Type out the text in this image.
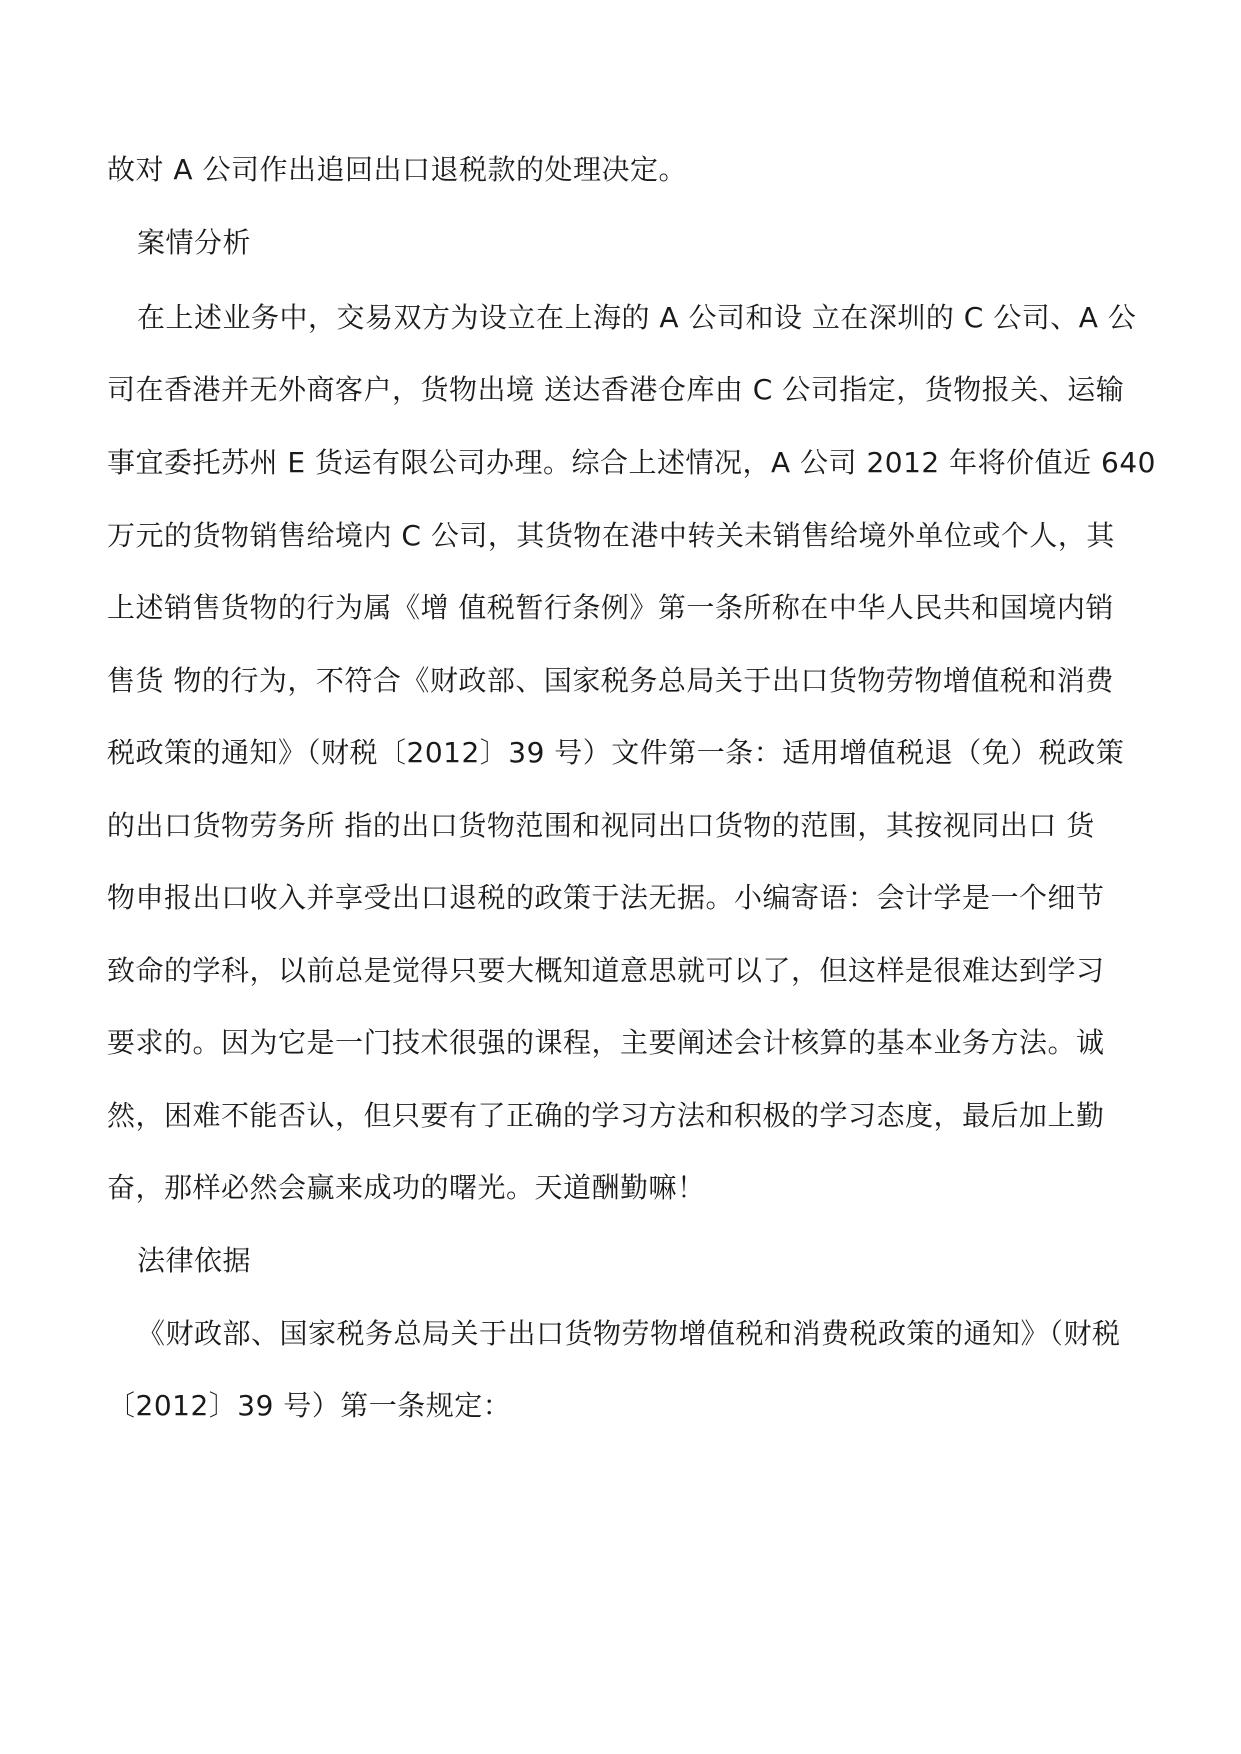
故对 A 公司作出追回出口退税款的处理决定。
案情分析
在上述业务中，交易双方为设立在上海的 A 公司和设 立在深圳的 C 公司、A 公
司在香港并无外商客户，货物出境 送达香港仓库由 C 公司指定，货物报关、运输
事宜委托苏州 E 货运有限公司办理。综合上述情况，A 公司 2012 年将价值近 640
万元的货物销售给境内 C 公司，其货物在港中转关未销售给境外单位或个人，其
上述销售货物的行为属《增 值税暂行条例》第一条所称在中华人民共和国境内销
售货 物的行为，不符合《财政部、国家税务总局关于出口货物劳物增值税和消费
税政策的通知》（财税〔2012〕39 号）文件第一条：适用增值税退（免）税政策
的出口货物劳务所 指的出口货物范围和视同出口货物的范围，其按视同出口 货
物申报出口收入并享受出口退税的政策于法无据。小编寄语：会计学是一个细节
致命的学科，以前总是觉得只要大概知道意思就可以了，但这样是很难达到学习
要求的。因为它是一门技术很强的课程，主要阐述会计核算的基本业务方法。诚
然，困难不能否认，但只要有了正确的学习方法和积极的学习态度，最后加上勤
奋，那样必然会赢来成功的曙光。天道酬勤嘛！
法律依据
《财政部、国家税务总局关于出口货物劳物增值税和消费税政策的通知》（财税
〔2012〕39 号）第一条规定：
